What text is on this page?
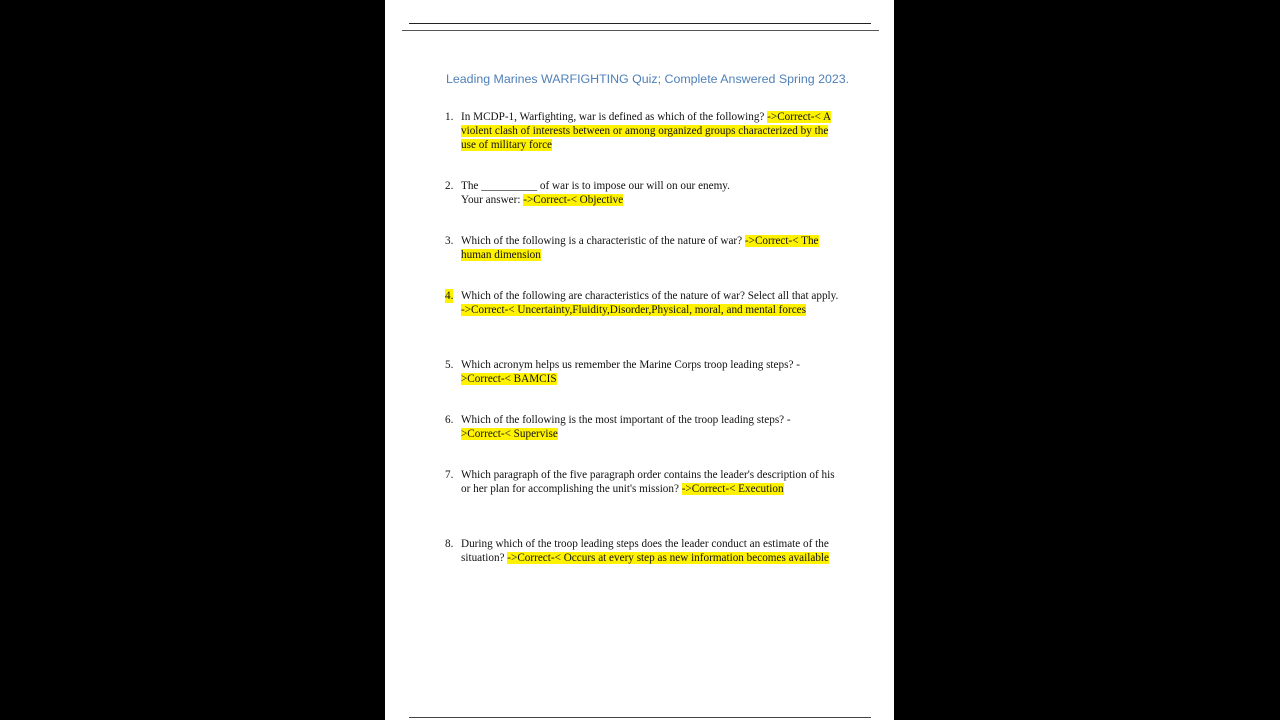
Leading Marines WARFIGHTING Quiz; Complete Answered Spring 2023.
1. In MCDP-1, Warfighting, war is defined as which of the following? ->Correct-< A violent clash of interests between or among organized groups characterized by the use of military force
2. The __________ of war is to impose our will on our enemy.
Your answer: ->Correct-< Objective
3. Which of the following is a characteristic of the nature of war? ->Correct-< The human dimension
4. Which of the following are characteristics of the nature of war? Select all that apply. ->Correct-< Uncertainty,Fluidity,Disorder,Physical, moral, and mental forces
5. Which acronym helps us remember the Marine Corps troop leading steps? -
>Correct-< BAMCIS
6. Which of the following is the most important of the troop leading steps? -
>Correct-< Supervise
7. Which paragraph of the five paragraph order contains the leader's description of his or her plan for accomplishing the unit's mission? ->Correct-< Execution
8. During which of the troop leading steps does the leader conduct an estimate of the situation? ->Correct-< Occurs at every step as new information becomes available
